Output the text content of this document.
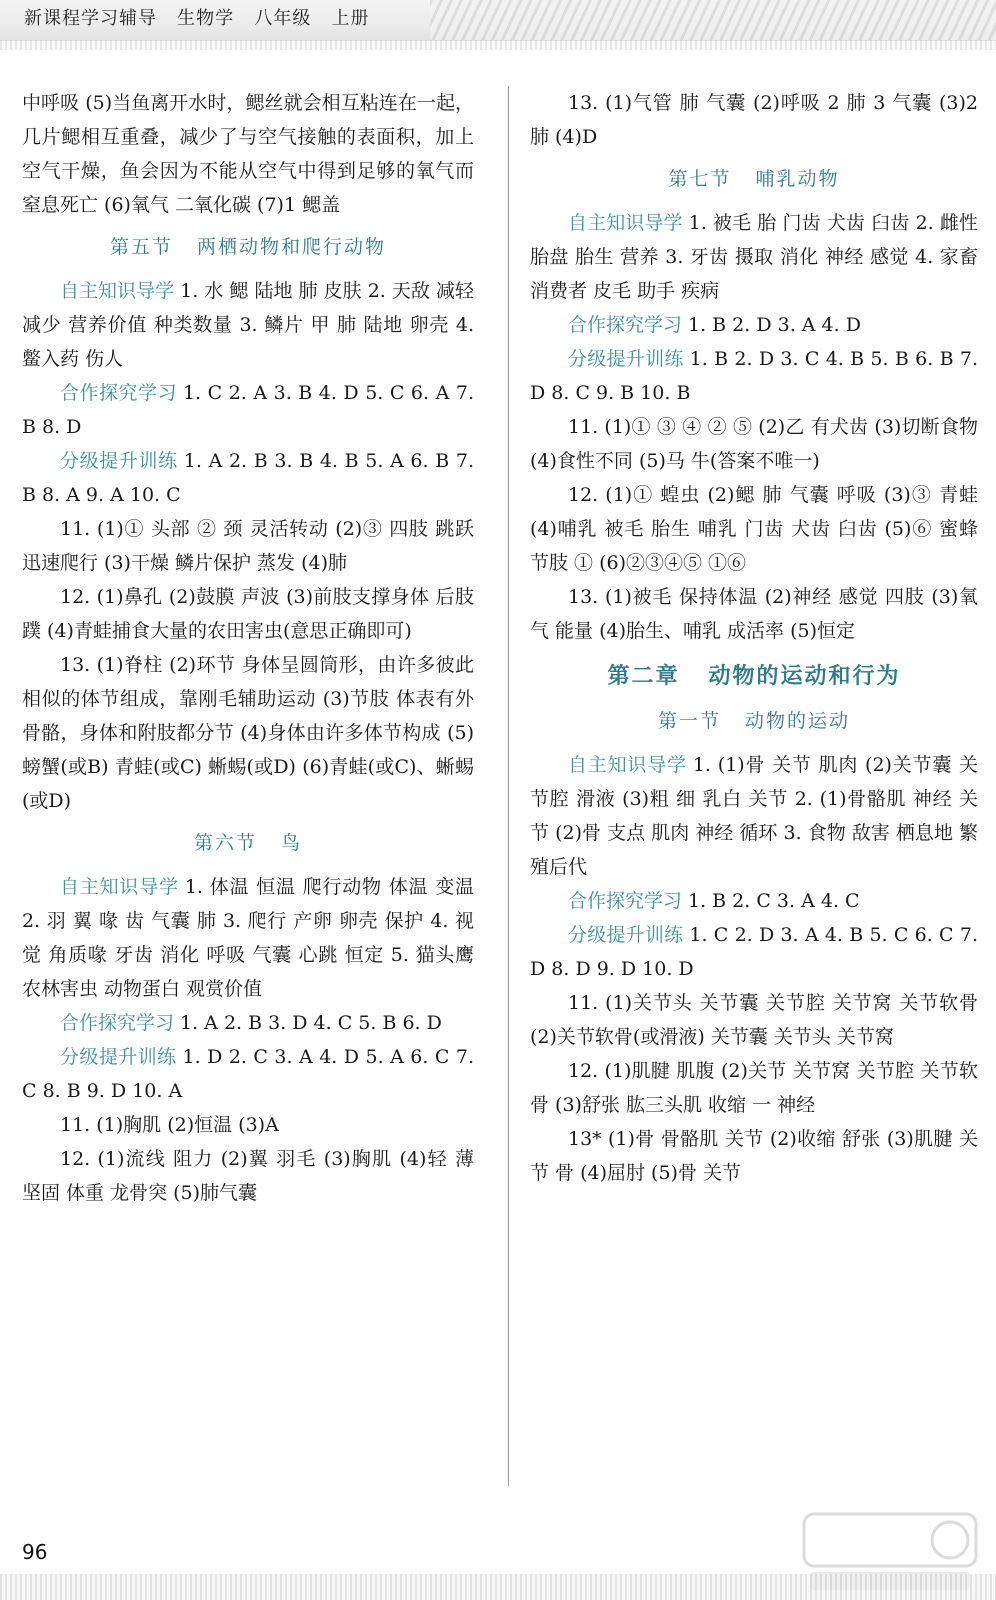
新课程学习辅导   生物学   八年级   上册

中呼吸 (5)当鱼离开水时，鳃丝就会相互粘连在一起，几片鳃相互重叠，减少了与空气接触的表面积，加上空气干燥，鱼会因为不能从空气中得到足够的氧气而窒息死亡 (6)氧气 二氧化碳 (7)1 鳃盖

第五节   两栖动物和爬行动物

自主知识导学 1. 水 鳃 陆地 肺 皮肤 2. 天敌 减轻 减少 营养价值 种类数量 3. 鳞片 甲 肺 陆地 卵壳 4. 鳖入药 伤人

合作探究学习 1. C 2. A 3. B 4. D 5. C 6. A 7. B 8. D

分级提升训练 1. A 2. B 3. B 4. B 5. A 6. B 7. B 8. A 9. A 10. C

11. (1)① 头部 ② 颈 灵活转动 (2)③ 四肢 跳跃 迅速爬行 (3)干燥 鳞片保护 蒸发 (4)肺

12. (1)鼻孔 (2)鼓膜 声波 (3)前肢支撑身体 后肢 蹼 (4)青蛙捕食大量的农田害虫(意思正确即可)

13. (1)脊柱 (2)环节 身体呈圆筒形，由许多彼此相似的体节组成，靠刚毛辅助运动 (3)节肢 体表有外骨骼，身体和附肢都分节 (4)身体由许多体节构成 (5)螃蟹(或B) 青蛙(或C) 蜥蜴(或D) (6)青蛙(或C)、蜥蜴(或D)

第六节   鸟

自主知识导学 1. 体温 恒温 爬行动物 体温 变温 2. 羽 翼 喙 齿 气囊 肺 3. 爬行 产卵 卵壳 保护 4. 视觉 角质喙 牙齿 消化 呼吸 气囊 心跳 恒定 5. 猫头鹰 农林害虫 动物蛋白 观赏价值

合作探究学习 1. A 2. B 3. D 4. C 5. B 6. D

分级提升训练 1. D 2. C 3. A 4. D 5. A 6. C 7. C 8. B 9. D 10. A

11. (1)胸肌 (2)恒温 (3)A

12. (1)流线 阻力 (2)翼 羽毛 (3)胸肌 (4)轻 薄 坚固 体重 龙骨突 (5)肺气囊

13. (1)气管 肺 气囊 (2)呼吸 2 肺 3 气囊 (3)2 肺 (4)D

第七节   哺乳动物

自主知识导学 1. 被毛 胎 门齿 犬齿 臼齿 2. 雌性 胎盘 胎生 营养 3. 牙齿 摄取 消化 神经 感觉 4. 家畜 消费者 皮毛 助手 疾病

合作探究学习 1. B 2. D 3. A 4. D

分级提升训练 1. B 2. D 3. C 4. B 5. B 6. B 7. D 8. C 9. B 10. B

11. (1)① ③ ④ ② ⑤ (2)乙 有犬齿 (3)切断食物 (4)食性不同 (5)马 牛(答案不唯一)

12. (1)① 蝗虫 (2)鳃 肺 气囊 呼吸 (3)③ 青蛙 (4)哺乳 被毛 胎生 哺乳 门齿 犬齿 臼齿 (5)⑥ 蜜蜂 节肢 ① (6)②③④⑤ ①⑥

13. (1)被毛 保持体温 (2)神经 感觉 四肢 (3)氧气 能量 (4)胎生、哺乳 成活率 (5)恒定

第二章   动物的运动和行为
第一节   动物的运动

自主知识导学 1. (1)骨 关节 肌肉 (2)关节囊 关节腔 滑液 (3)粗 细 乳白 关节 2. (1)骨骼肌 神经 关节 (2)骨 支点 肌肉 神经 循环 3. 食物 敌害 栖息地 繁殖后代

合作探究学习 1. B 2. C 3. A 4. C

分级提升训练 1. C 2. D 3. A 4. B 5. C 6. C 7. D 8. D 9. D 10. D

11. (1)关节头 关节囊 关节腔 关节窝 关节软骨 (2)关节软骨(或滑液) 关节囊 关节头 关节窝

12. (1)肌腱 肌腹 (2)关节 关节窝 关节腔 关节软骨 (3)舒张 肱三头肌 收缩 一 神经

13* (1)骨 骨骼肌 关节 (2)收缩 舒张 (3)肌腱 关节 骨 (4)屈肘 (5)骨 关节

96
